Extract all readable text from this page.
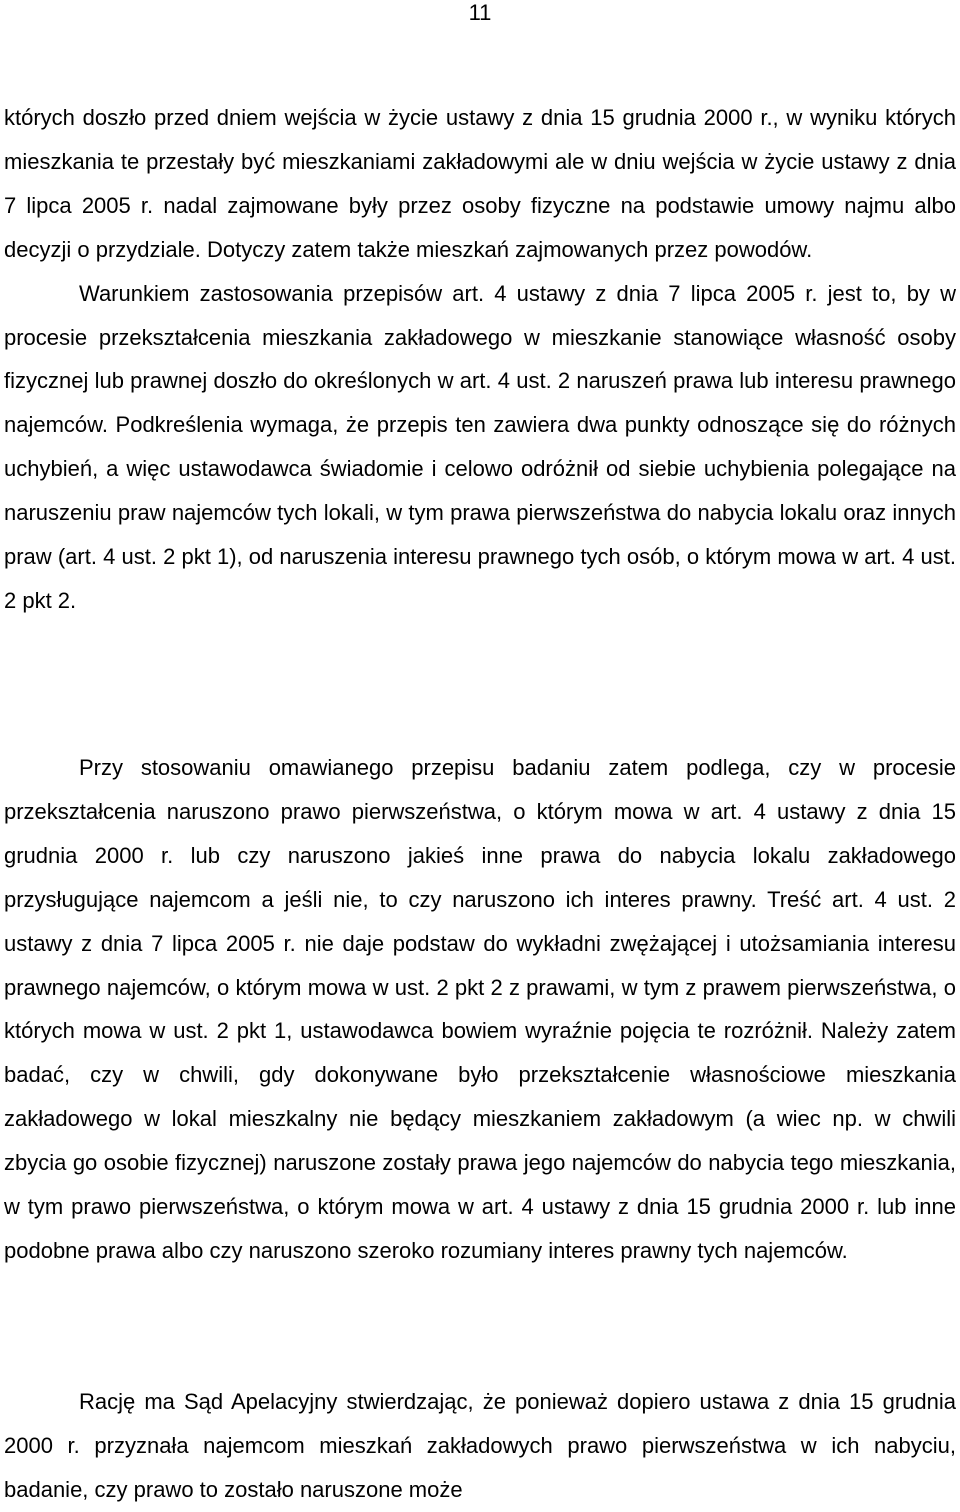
11

których doszło przed dniem wejścia w życie ustawy z dnia 15 grudnia 2000 r., w wyniku których mieszkania te przestały być mieszkaniami zakładowymi ale w dniu wejścia w życie ustawy z dnia 7 lipca 2005 r. nadal zajmowane były przez osoby fizyczne na podstawie umowy najmu albo decyzji o przydziale. Dotyczy zatem także mieszkań zajmowanych przez powodów.

Warunkiem zastosowania przepisów art. 4 ustawy z dnia 7 lipca 2005 r. jest to, by w procesie przekształcenia mieszkania zakładowego w mieszkanie stanowiące własność osoby fizycznej lub prawnej doszło do określonych w art. 4 ust. 2 naruszeń prawa lub interesu prawnego najemców. Podkreślenia wymaga, że przepis ten zawiera dwa punkty odnoszące się do różnych uchybień, a więc ustawodawca świadomie i celowo odróżnił od siebie uchybienia polegające na naruszeniu praw najemców tych lokali, w tym prawa pierwszeństwa do nabycia lokalu oraz innych praw (art. 4 ust. 2 pkt 1), od naruszenia interesu prawnego tych osób, o którym mowa w art. 4 ust. 2 pkt 2.

Przy stosowaniu omawianego przepisu badaniu zatem podlega, czy w procesie przekształcenia naruszono prawo pierwszeństwa, o którym mowa w art. 4 ustawy z dnia 15 grudnia 2000 r. lub czy naruszono jakieś inne prawa do nabycia lokalu zakładowego przysługujące najemcom a jeśli nie, to czy naruszono ich interes prawny. Treść art. 4 ust. 2 ustawy z dnia 7 lipca 2005 r. nie daje podstaw do wykładni zwężającej i utożsamiania interesu prawnego najemców, o którym mowa w ust. 2 pkt 2 z prawami, w tym z prawem pierwszeństwa, o których mowa w ust. 2 pkt 1, ustawodawca bowiem wyraźnie pojęcia te rozróżnił. Należy zatem badać, czy w chwili, gdy dokonywane było przekształcenie własnościowe mieszkania zakładowego w lokal mieszkalny nie będący mieszkaniem zakładowym (a wiec np. w chwili zbycia go osobie fizycznej) naruszone zostały prawa jego najemców do nabycia tego mieszkania, w tym prawo pierwszeństwa, o którym mowa w art. 4 ustawy z dnia 15 grudnia 2000 r. lub inne podobne prawa albo czy naruszono szeroko rozumiany interes prawny tych najemców.

Rację ma Sąd Apelacyjny stwierdzając, że ponieważ dopiero ustawa z dnia 15 grudnia 2000 r. przyznała najemcom mieszkań zakładowych prawo pierwszeństwa w ich nabyciu, badanie, czy prawo to zostało naruszone może
